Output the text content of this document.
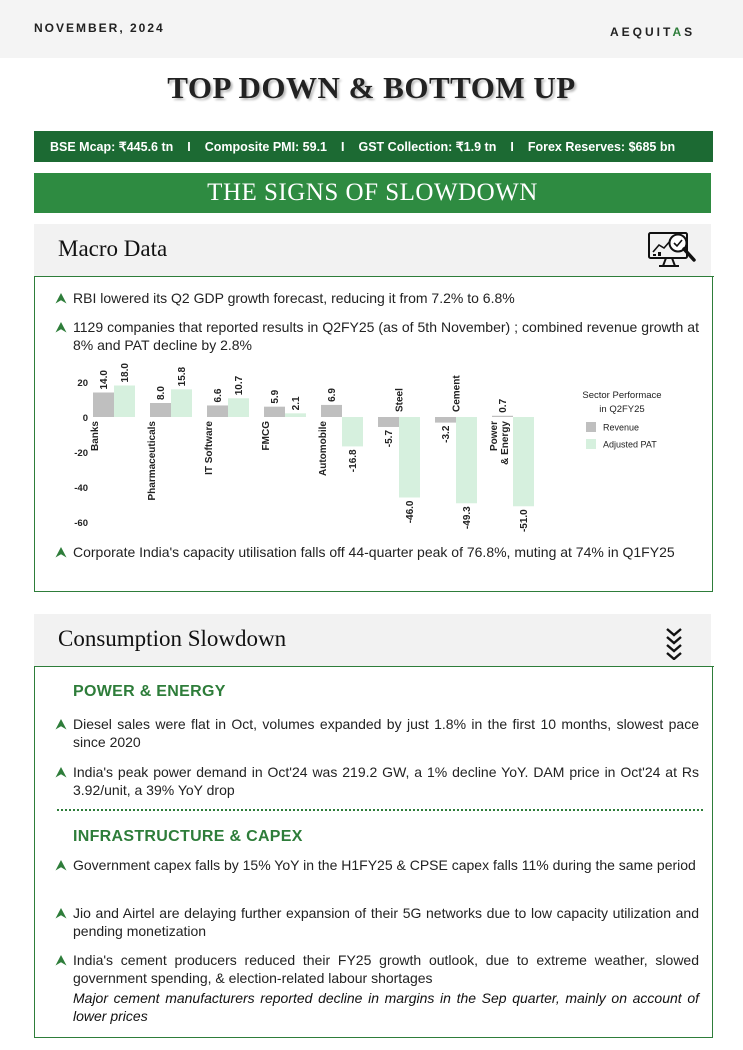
NOVEMBER, 2024	AEQUITAS
TOP DOWN & BOTTOM UP
BSE Mcap: ₹445.6 tn I Composite PMI: 59.1 I GST Collection: ₹1.9 tn I Forex Reserves: $685 bn
THE SIGNS OF SLOWDOWN
Macro Data
RBI lowered its Q2 GDP growth forecast, reducing it from 7.2% to 6.8%
1129 companies that reported results in Q2FY25 (as of 5th November) ; combined revenue growth at 8% and PAT decline by 2.8%
20
0
-20
-40
-60
14.0 18.0
Banks
8.0
15.8
Pharmaceuticals
6.6
10.7
IT Software
5.9 2.1
FMCG
6.9
-16.8
Automobile	-5.7
-46.0
Steel
-3.2
-49.3
Cement	0.7
-51.0
Power & Energy
Sector Performace
in Q2FY25
Revenue
Adjusted PAT
Corporate India's capacity utilisation falls off 44-quarter peak of 76.8%, muting at 74% in Q1FY25
Consumption Slowdown
POWER & ENERGY
Diesel sales were flat in Oct, volumes expanded by just 1.8% in the first 10 months, slowest pace since 2020
India's peak power demand in Oct'24 was 219.2 GW, a 1% decline YoY. DAM price in Oct'24 at Rs 3.92/unit, a 39% YoY drop
INFRASTRUCTURE & CAPEX
Government capex falls by 15% YoY in the H1FY25 & CPSE capex falls 11% during the same period
Jio and Airtel are delaying further expansion of their 5G networks due to low capacity utilization and pending monetization
India's cement producers reduced their FY25 growth outlook, due to extreme weather, slowed government spending, & election-related labour shortages
Major cement manufacturers reported decline in margins in the Sep quarter, mainly on account of lower prices
